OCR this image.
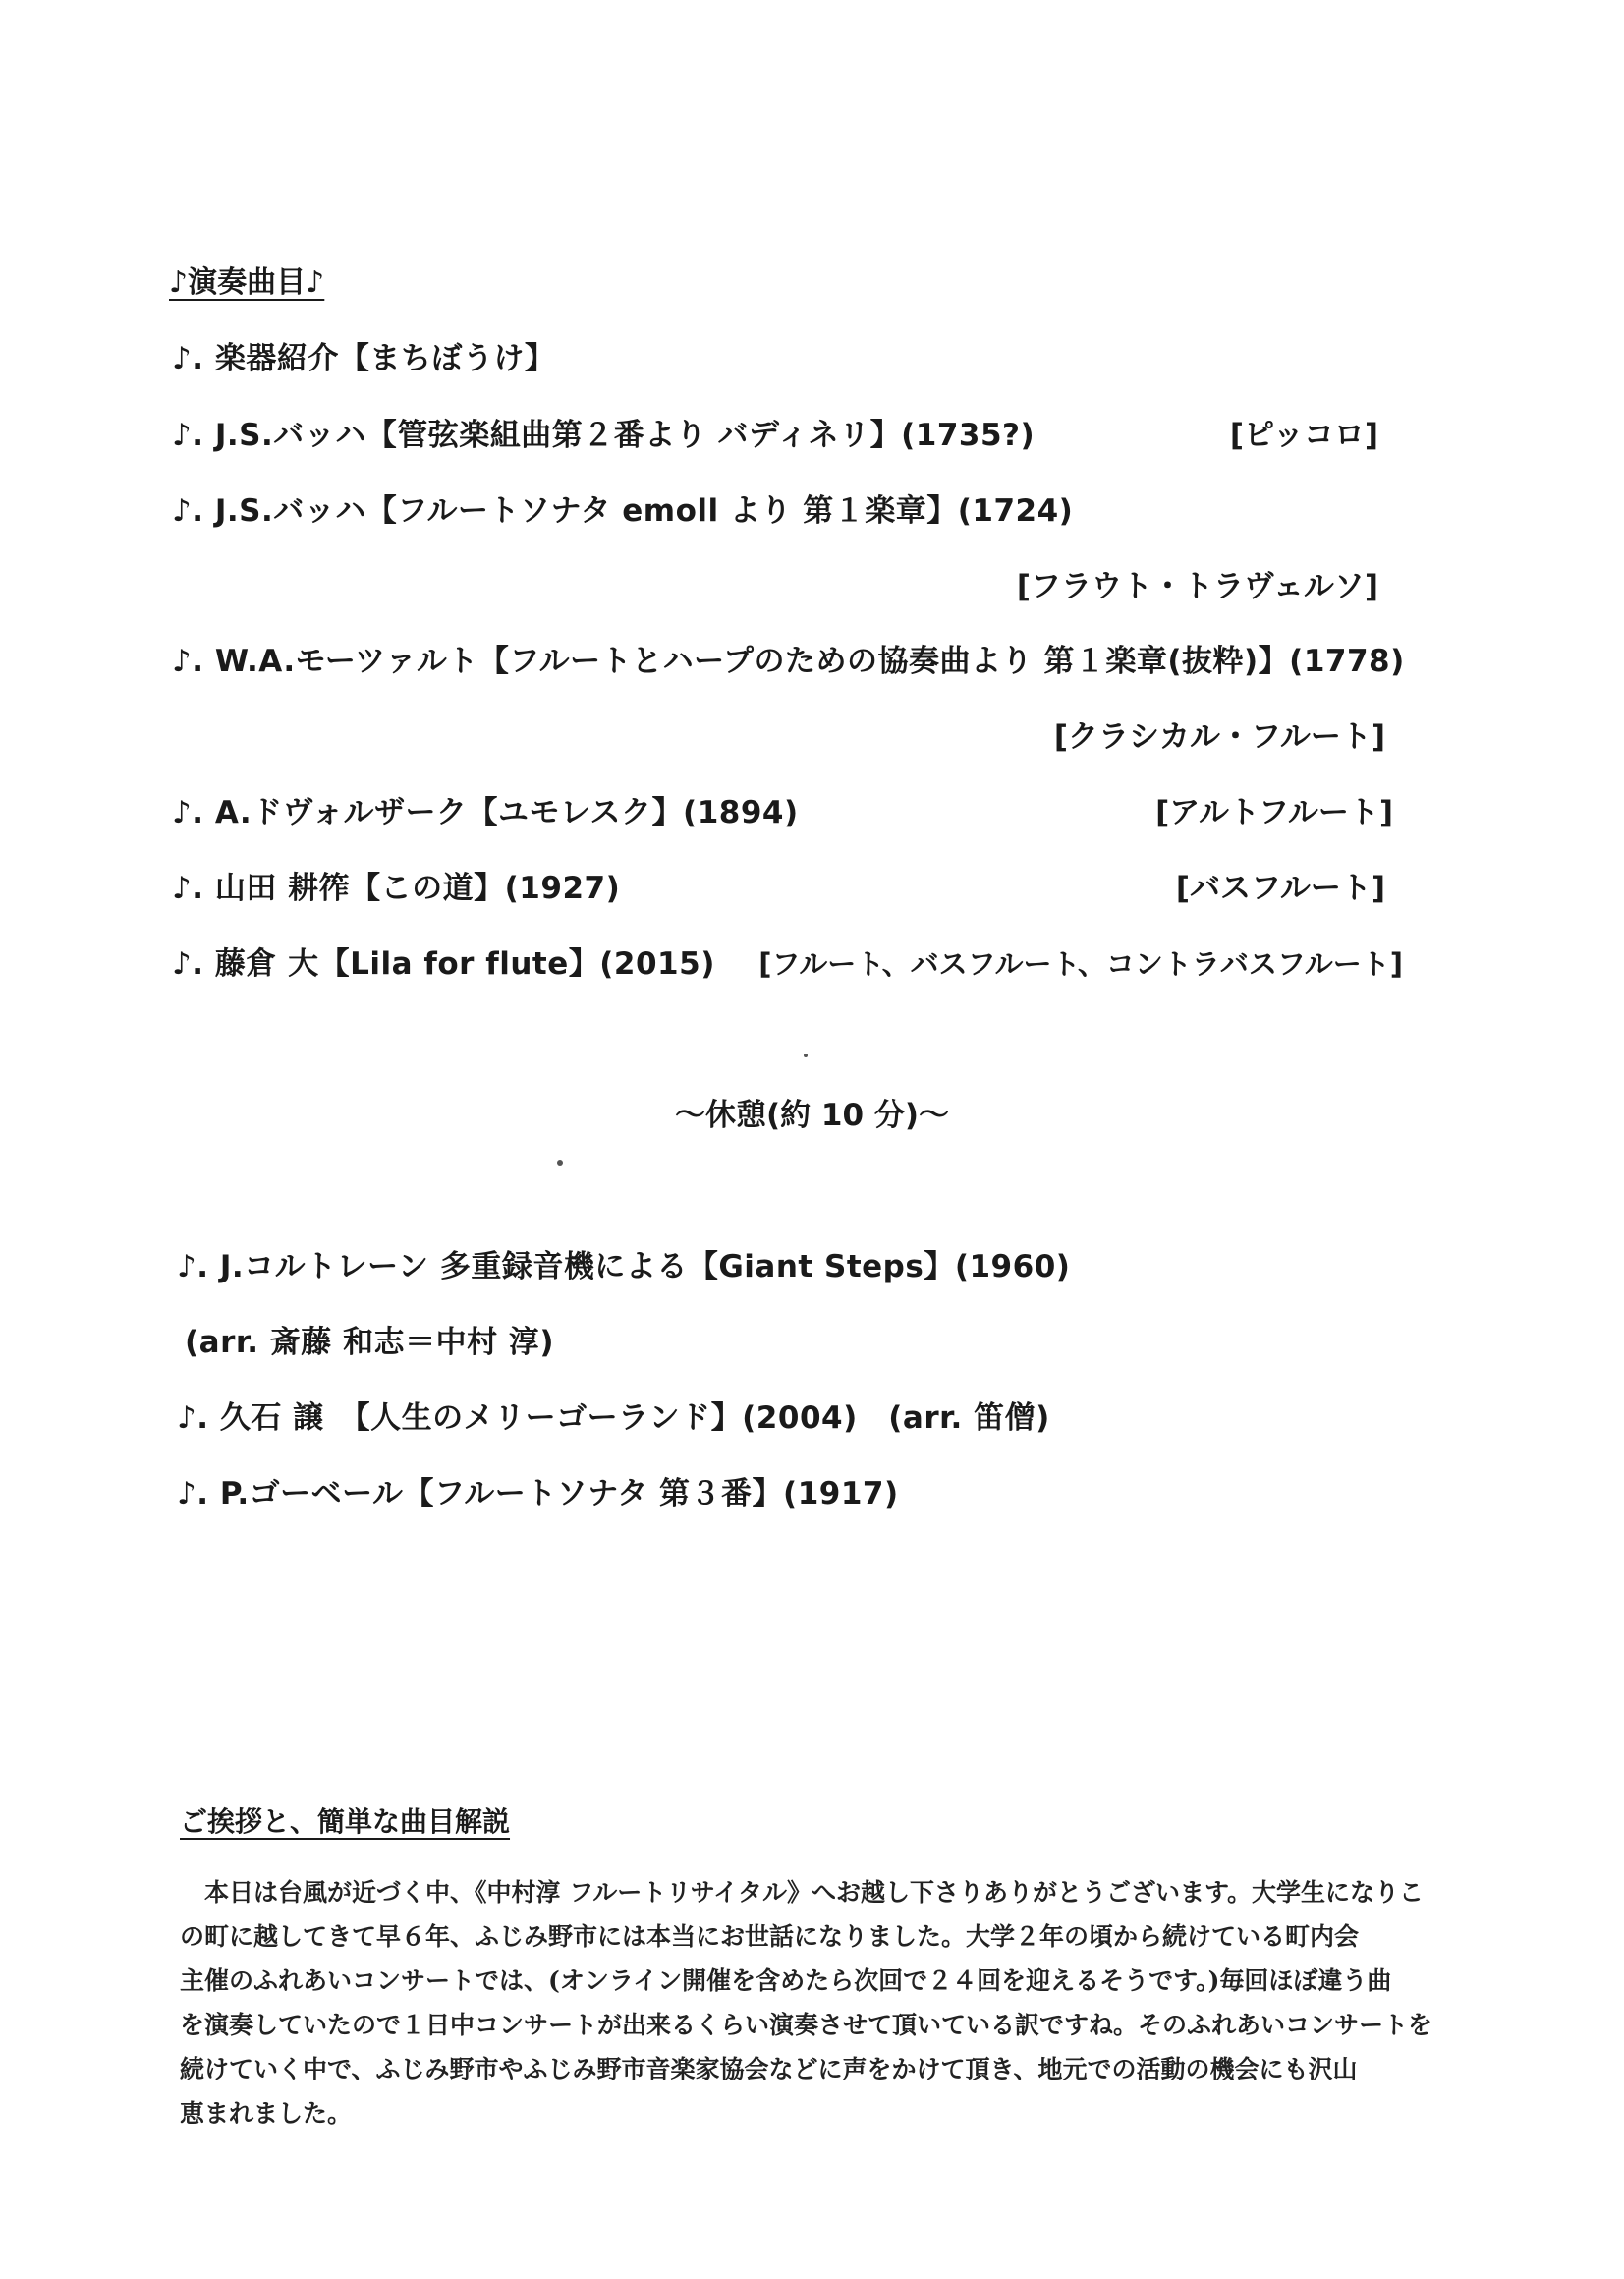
♪演奏曲目♪
♪. 楽器紹介【まちぼうけ】
♪. J.S.バッハ【管弦楽組曲第２番より バディネリ】(1735?)	[ピッコロ]
♪. J.S.バッハ【フルートソナタ emoll より 第１楽章】(1724)
[フラウト・トラヴェルソ]
♪. W.A.モーツァルト【フルートとハープのための協奏曲より 第１楽章(抜粋)】(1778)
[クラシカル・フルート]
♪. A.ドヴォルザーク【ユモレスク】(1894)	[アルトフルート]
♪. 山田 耕筰【この道】(1927)	[バスフルート]
♪. 藤倉 大【Lila for flute】(2015) [フルート、バスフルート、コントラバスフルート]
～休憩(約 10 分)～
♪. J.コルトレーン 多重録音機による【Giant Steps】(1960)
(arr. 斎藤 和志＝中村 淳)
♪. 久石 譲　【人生のメリーゴーランド】(2004)　(arr. 笛僧)
♪. P.ゴーベール【フルートソナタ 第３番】(1917)
ご挨拶と、簡単な曲目解説
　本日は台風が近づく中、《中村淳 フルートリサイタル》へお越し下さりありがとうございます。大学生になりこ
の町に越してきて早６年、ふじみ野市には本当にお世話になりました。大学２年の頃から続けている町内会
主催のふれあいコンサートでは、(オンライン開催を含めたら次回で２４回を迎えるそうです。)毎回ほぼ違う曲
を演奏していたので１日中コンサートが出来るくらい演奏させて頂いている訳ですね。そのふれあいコンサートを
続けていく中で、ふじみ野市やふじみ野市音楽家協会などに声をかけて頂き、地元での活動の機会にも沢山
恵まれました。
